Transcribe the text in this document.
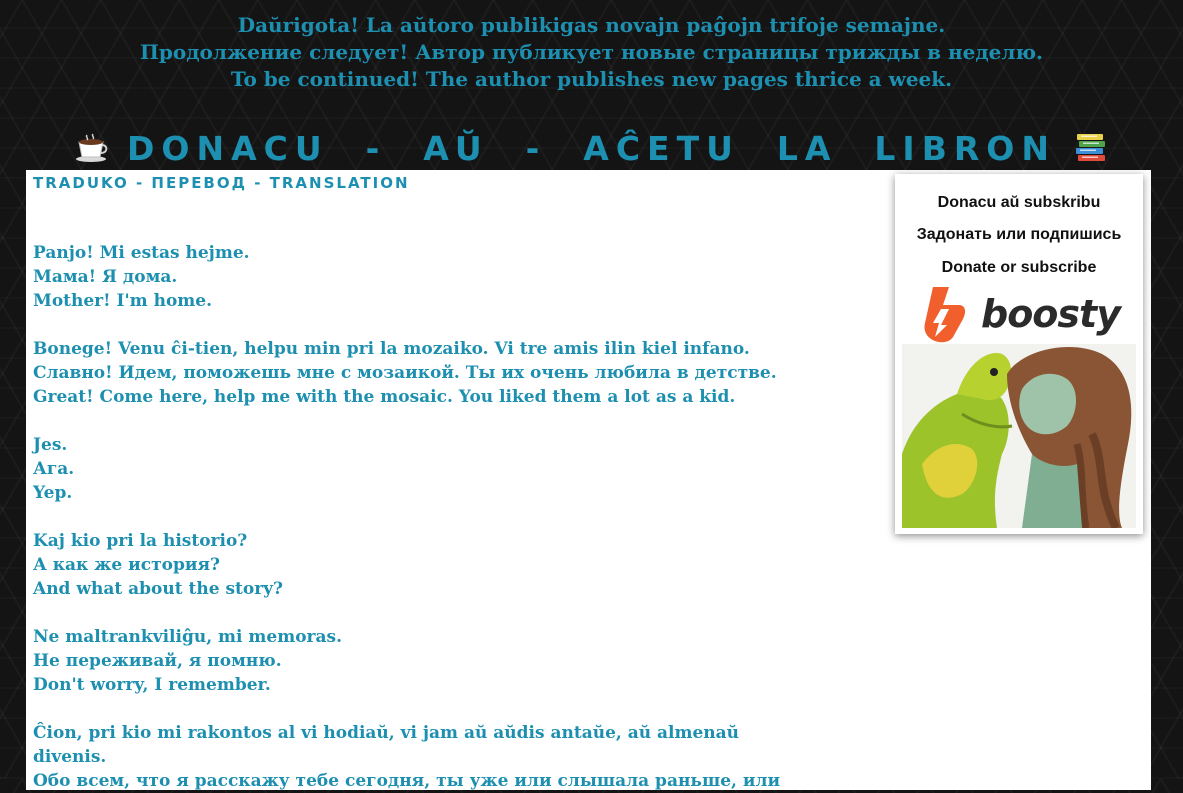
Daŭrigota! La aŭtoro publikigas novajn paĝojn trifoje semajne.
Продолжение следует! Автор публикует новые страницы трижды в неделю.
To be continued! The author publishes new pages thrice a week.
DONACU  -  AŬ  -  AĈETU  LA  LIBRON
TRADUKO - ПЕРЕВОД - TRANSLATION
Panjo! Mi estas hejme.
Мама! Я дома.
Mother! I'm home.
Bonege! Venu ĉi-tien, helpu min pri la mozaiko. Vi tre amis ilin kiel infano.
Славно! Идем, поможешь мне с мозаикой. Ты их очень любила в детстве.
Great! Come here, help me with the mosaic. You liked them a lot as a kid.
Jes.
Ага.
Yep.
Kaj kio pri la historio?
А как же история?
And what about the story?
Ne maltrankviliĝu, mi memoras.
Не переживай, я помню.
Don't worry, I remember.
Ĉion, pri kio mi rakontos al vi hodiaŭ, vi jam aŭ aŭdis antaŭe, aŭ almenaŭ divenis.
Обо всем, что я расскажу тебе сегодня, ты уже или слышала раньше, или
Donacu aŭ subskribu
Задонать или подпишись
Donate or subscribe
boosty
